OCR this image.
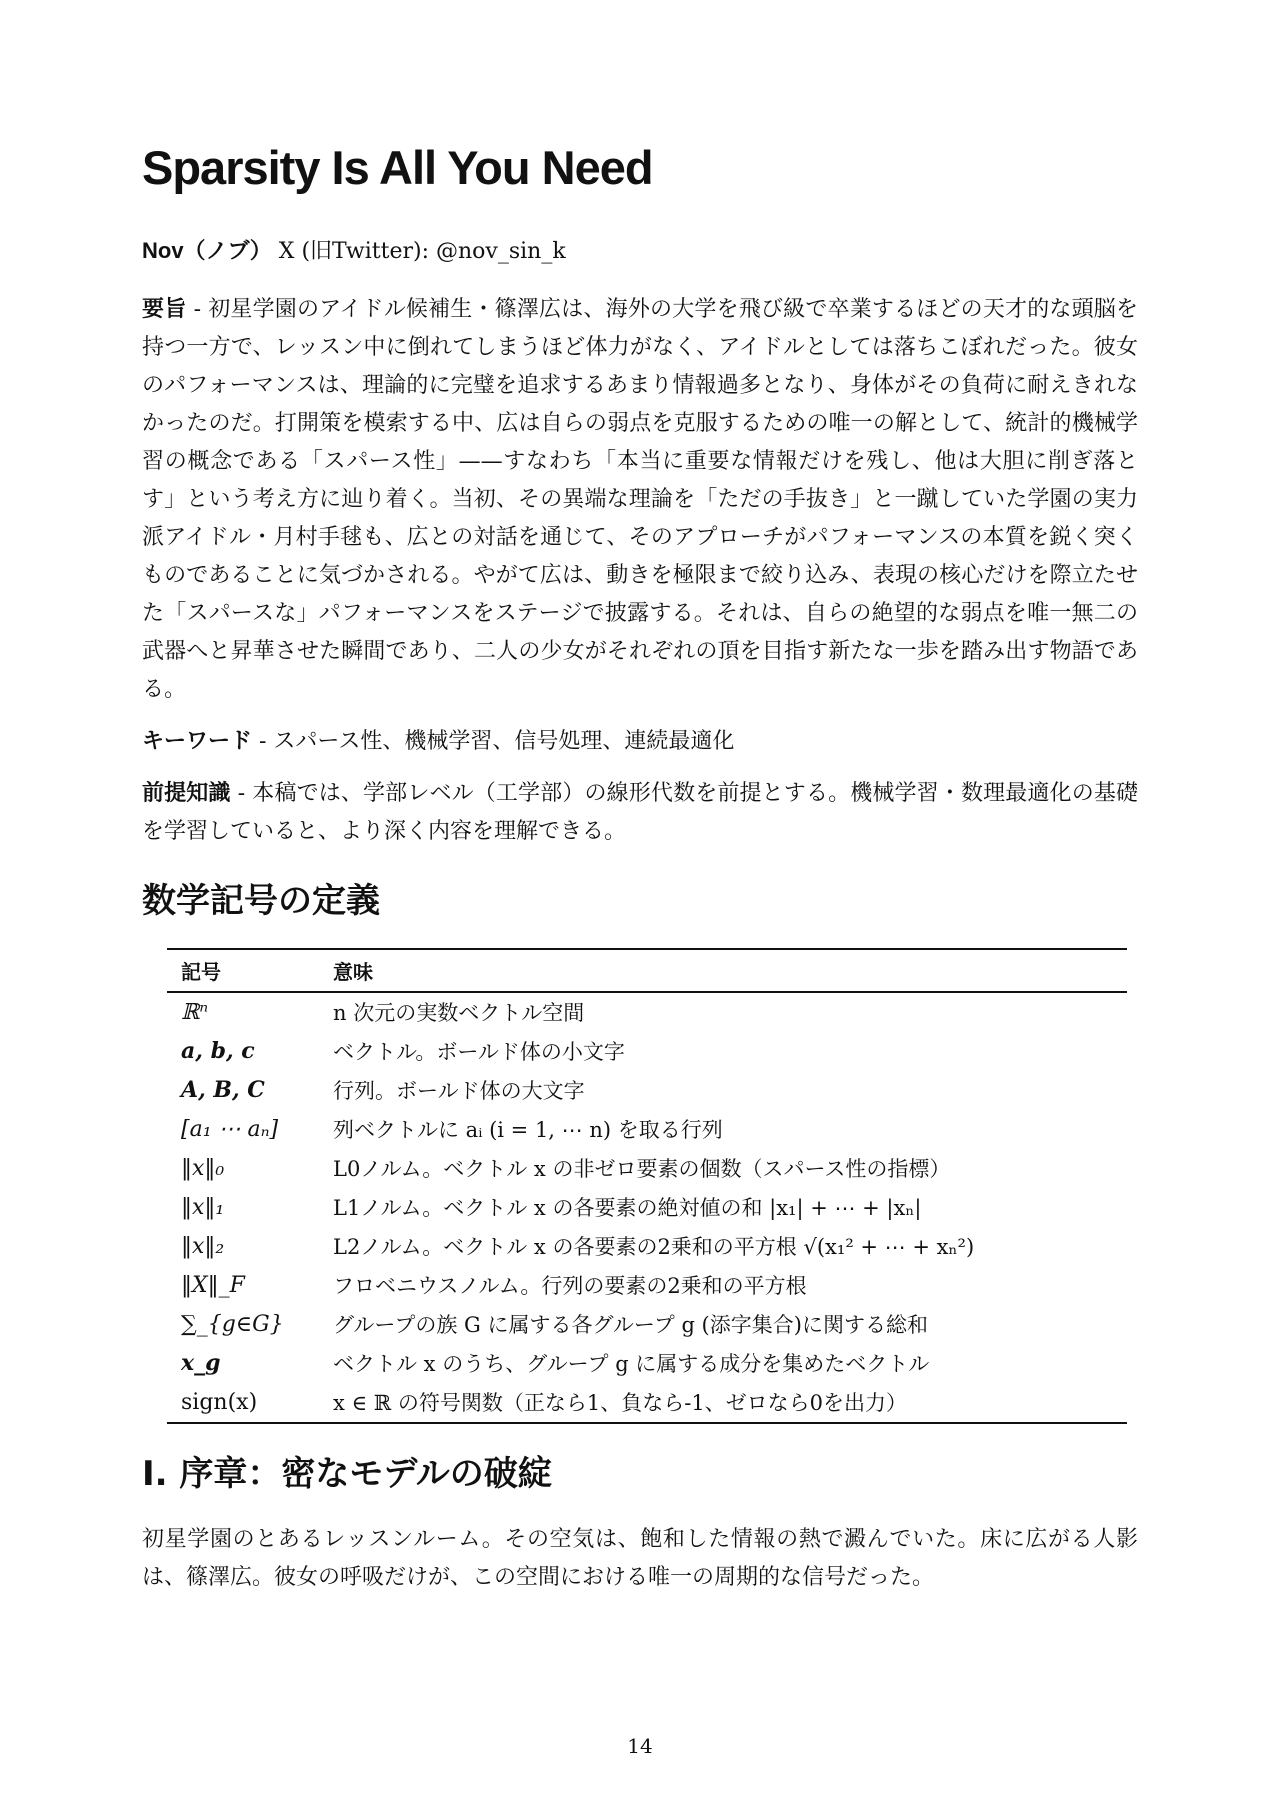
Sparsity Is All You Need
Nov（ノブ） X (旧Twitter): @nov_sin_k

要旨 - 初星学園のアイドル候補生・篠澤広は、海外の大学を飛び級で卒業するほどの天才的な頭脳を持つ一方で、レッスン中に倒れてしまうほど体力がなく、アイドルとしては落ちこぼれだった。彼女のパフォーマンスは、理論的に完璧を追求するあまり情報過多となり、身体がその負荷に耐えきれなかったのだ。打開策を模索する中、広は自らの弱点を克服するための唯一の解として、統計的機械学習の概念である「スパース性」——すなわち「本当に重要な情報だけを残し、他は大胆に削ぎ落とす」という考え方に辿り着く。当初、その異端な理論を「ただの手抜き」と一蹴していた学園の実力派アイドル・月村手毬も、広との対話を通じて、そのアプローチがパフォーマンスの本質を鋭く突くものであることに気づかされる。やがて広は、動きを極限まで絞り込み、表現の核心だけを際立たせた「スパースな」パフォーマンスをステージで披露する。それは、自らの絶望的な弱点を唯一無二の武器へと昇華させた瞬間であり、二人の少女がそれぞれの頂を目指す新たな一歩を踏み出す物語である。

キーワード - スパース性、機械学習、信号処理、連続最適化

前提知識 - 本稿では、学部レベル（工学部）の線形代数を前提とする。機械学習・数理最適化の基礎を学習していると、より深く内容を理解できる。

数学記号の定義
記号	意味
ℝⁿ	n 次元の実数ベクトル空間
a, b, c	ベクトル。ボールド体の小文字
A, B, C	行列。ボールド体の大文字
[a₁ ⋯ aₙ]	列ベクトルに aᵢ (i = 1, ⋯ n) を取る行列
‖x‖₀	L0ノルム。ベクトル x の非ゼロ要素の個数（スパース性の指標）
‖x‖₁	L1ノルム。ベクトル x の各要素の絶対値の和 |x₁| + ⋯ + |xₙ|
‖x‖₂	L2ノルム。ベクトル x の各要素の2乗和の平方根 √(x₁² + ⋯ + xₙ²)
‖X‖_F	フロベニウスノルム。行列の要素の2乗和の平方根
∑_{g∈G}	グループの族 G に属する各グループ g (添字集合)に関する総和
x_g	ベクトル x のうち、グループ g に属する成分を集めたベクトル
sign(x)	x ∈ ℝ の符号関数（正なら1、負なら-1、ゼロなら0を出力）
I. 序章：密なモデルの破綻

初星学園のとあるレッスンルーム。その空気は、飽和した情報の熱で澱んでいた。床に広がる人影は、篠澤広。彼女の呼吸だけが、この空間における唯一の周期的な信号だった。

14
